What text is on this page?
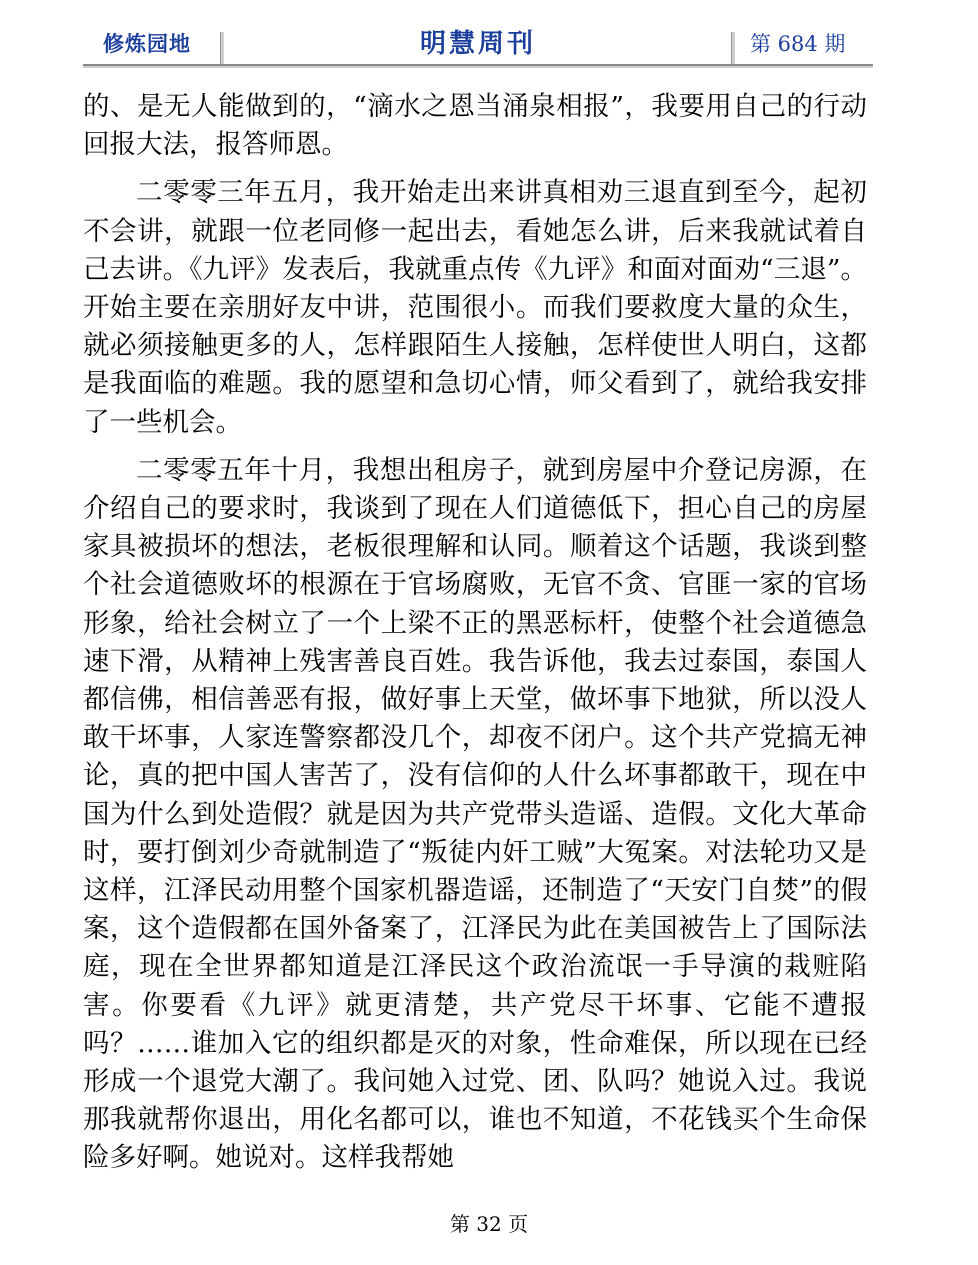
修炼园地	明慧周刊	第 684 期

的、是无人能做到的，“滴水之恩当涌泉相报”，我要用自己的行动回报大法，报答师恩。

二零零三年五月，我开始走出来讲真相劝三退直到至今，起初不会讲，就跟一位老同修一起出去，看她怎么讲，后来我就试着自己去讲。《九评》发表后，我就重点传《九评》和面对面劝“三退”。开始主要在亲朋好友中讲，范围很小。而我们要救度大量的众生，就必须接触更多的人，怎样跟陌生人接触，怎样使世人明白，这都是我面临的难题。我的愿望和急切心情，师父看到了，就给我安排了一些机会。

二零零五年十月，我想出租房子，就到房屋中介登记房源，在介绍自己的要求时，我谈到了现在人们道德低下，担心自己的房屋家具被损坏的想法，老板很理解和认同。顺着这个话题，我谈到整个社会道德败坏的根源在于官场腐败，无官不贪、官匪一家的官场形象，给社会树立了一个上梁不正的黑恶标杆，使整个社会道德急速下滑，从精神上残害善良百姓。我告诉他，我去过泰国，泰国人都信佛，相信善恶有报，做好事上天堂，做坏事下地狱，所以没人敢干坏事，人家连警察都没几个，却夜不闭户。这个共产党搞无神论，真的把中国人害苦了，没有信仰的人什么坏事都敢干，现在中国为什么到处造假？就是因为共产党带头造谣、造假。文化大革命时，要打倒刘少奇就制造了“叛徒内奸工贼”大冤案。对法轮功又是这样，江泽民动用整个国家机器造谣，还制造了“天安门自焚”的假案，这个造假都在国外备案了，江泽民为此在美国被告上了国际法庭，现在全世界都知道是江泽民这个政治流氓一手导演的栽赃陷害。你要看《九评》就更清楚，共产党尽干坏事、它能不遭报吗？……谁加入它的组织都是灭的对象，性命难保，所以现在已经形成一个退党大潮了。我问她入过党、团、队吗？她说入过。我说那我就帮你退出，用化名都可以，谁也不知道，不花钱买个生命保险多好啊。她说对。这样我帮她

第 32 页
